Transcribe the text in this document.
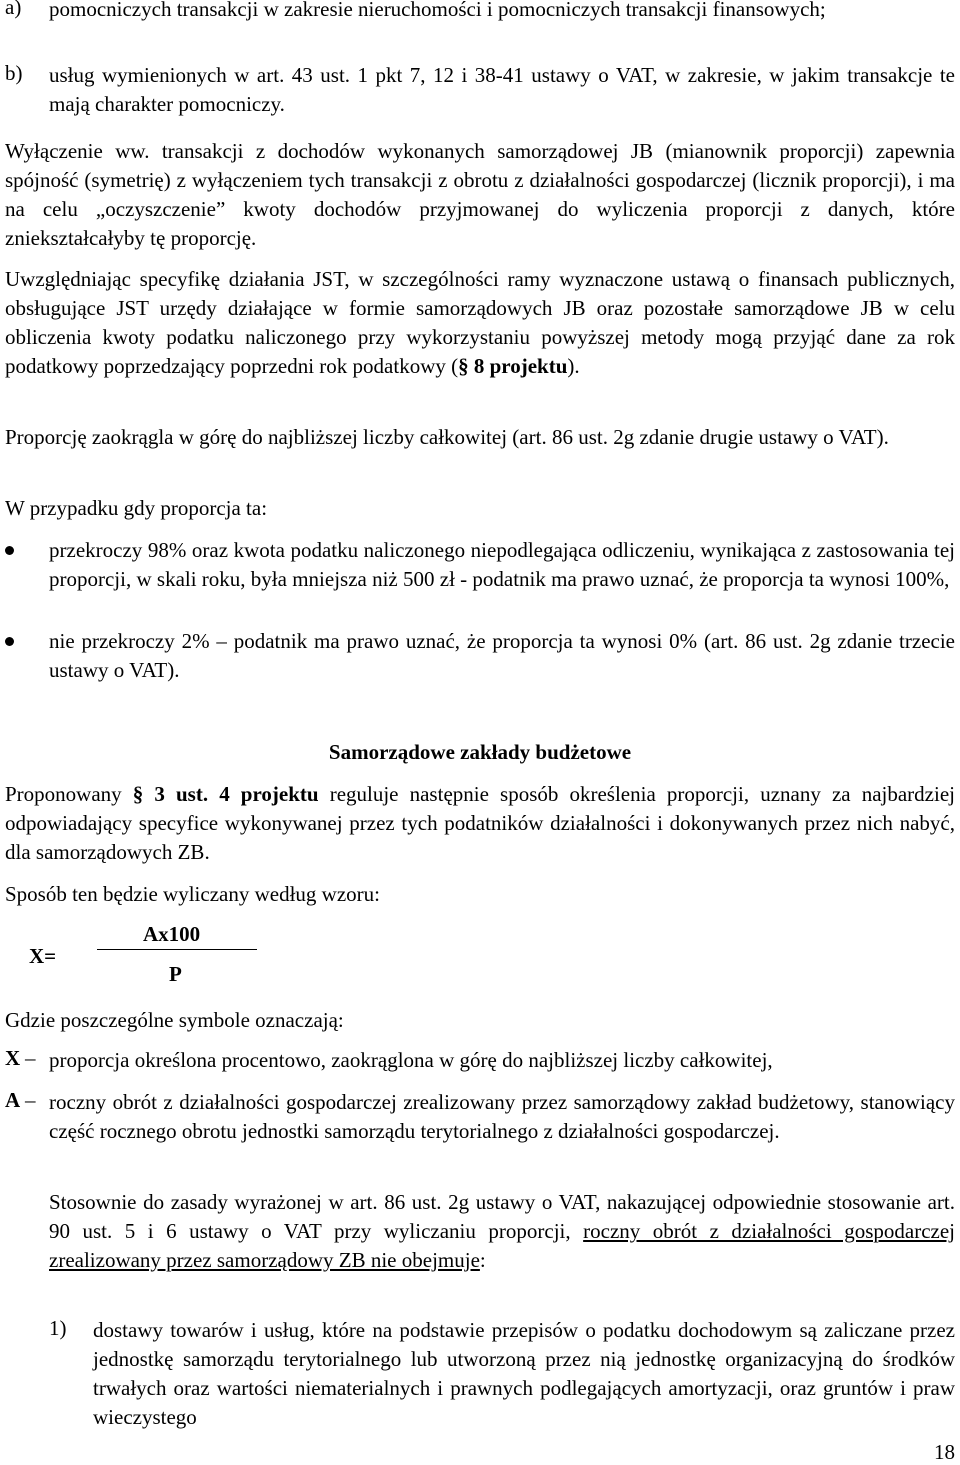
a) pomocniczych transakcji w zakresie nieruchomości i pomocniczych transakcji finansowych;

b) usług wymienionych w art. 43 ust. 1 pkt 7, 12 i 38-41 ustawy o VAT, w zakresie, w jakim transakcje te mają charakter pomocniczy.

Wyłączenie ww. transakcji z dochodów wykonanych samorządowej JB (mianownik proporcji) zapewnia spójność (symetrię) z wyłączeniem tych transakcji z obrotu z działalności gospodarczej (licznik proporcji), i ma na celu „oczyszczenie” kwoty dochodów przyjmowanej do wyliczenia proporcji z danych, które zniekształcałyby tę proporcję.

Uwzględniając specyfikę działania JST, w szczególności ramy wyznaczone ustawą o finansach publicznych, obsługujące JST urzędy działające w formie samorządowych JB oraz pozostałe samorządowe JB w celu obliczenia kwoty podatku naliczonego przy wykorzystaniu powyższej metody mogą przyjąć dane za rok podatkowy poprzedzający poprzedni rok podatkowy (§ 8 projektu).

Proporcję zaokrągla w górę do najbliższej liczby całkowitej (art. 86 ust. 2g zdanie drugie ustawy o VAT).

W przypadku gdy proporcja ta:

przekroczy 98% oraz kwota podatku naliczonego niepodlegająca odliczeniu, wynikająca z zastosowania tej proporcji, w skali roku, była mniejsza niż 500 zł - podatnik ma prawo uznać, że proporcja ta wynosi 100%,

nie przekroczy 2% – podatnik ma prawo uznać, że proporcja ta wynosi 0% (art. 86 ust. 2g zdanie trzecie ustawy o VAT).

Samorządowe zakłady budżetowe

Proponowany § 3 ust. 4 projektu reguluje następnie sposób określenia proporcji, uznany za najbardziej odpowiadający specyfice wykonywanej przez tych podatników działalności i dokonywanych przez nich nabyć, dla samorządowych ZB.

Sposób ten będzie wyliczany według wzoru:

X=
Ax100
P

Gdzie poszczególne symbole oznaczają:

X – proporcja określona procentowo, zaokrąglona w górę do najbliższej liczby całkowitej,

A – roczny obrót z działalności gospodarczej zrealizowany przez samorządowy zakład budżetowy, stanowiący część rocznego obrotu jednostki samorządu terytorialnego z działalności gospodarczej.

Stosownie do zasady wyrażonej w art. 86 ust. 2g ustawy o VAT, nakazującej odpowiednie stosowanie art. 90 ust. 5 i 6 ustawy o VAT przy wyliczaniu proporcji, roczny obrót z działalności gospodarczej zrealizowany przez samorządowy ZB nie obejmuje:

1) dostawy towarów i usług, które na podstawie przepisów o podatku dochodowym są zaliczane przez jednostkę samorządu terytorialnego lub utworzoną przez nią jednostkę organizacyjną do środków trwałych oraz wartości niematerialnych i prawnych podlegających amortyzacji, oraz gruntów i praw wieczystego

18
